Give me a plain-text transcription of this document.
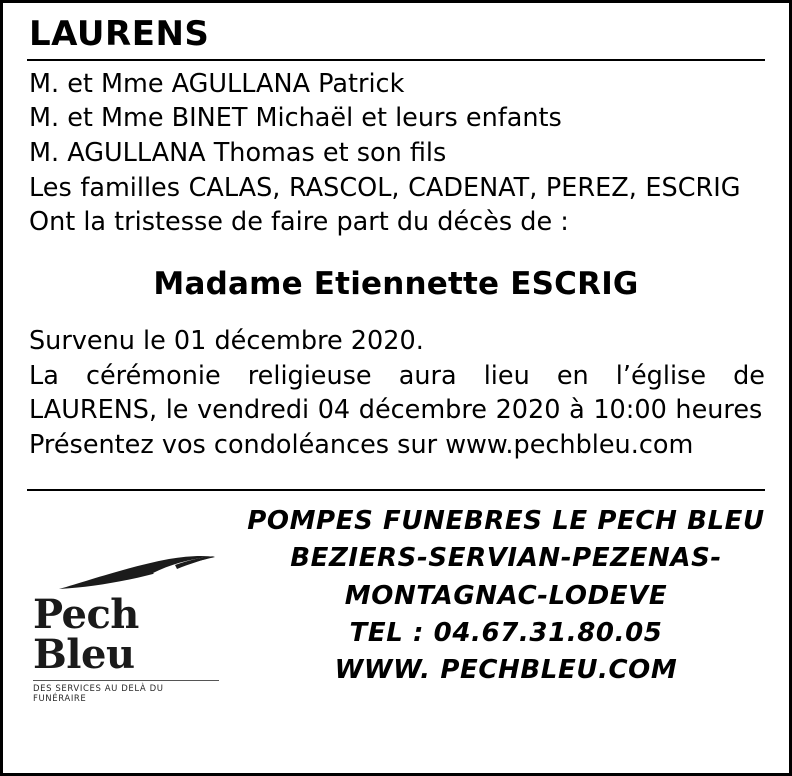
LAURENS

M. et Mme AGULLANA Patrick

M. et Mme BINET Michaël et leurs enfants

M. AGULLANA Thomas et son fils

Les familles CALAS, RASCOL, CADENAT, PEREZ, ESCRIG

Ont la tristesse de faire part du décès de :

Madame Etiennette ESCRIG

Survenu le 01 décembre 2020.

La cérémonie religieuse aura lieu en l’église de LAURENS, le vendredi 04 décembre 2020 à 10:00 heures

Présentez vos condoléances sur www.pechbleu.com

Pech Bleu
DES SERVICES AU DELÀ DU FUNÉRAIRE
POMPES FUNEBRES LE PECH BLEU
BEZIERS-SERVIAN-PEZENAS-
MONTAGNAC-LODEVE
TEL : 04.67.31.80.05
WWW. PECHBLEU.COM
